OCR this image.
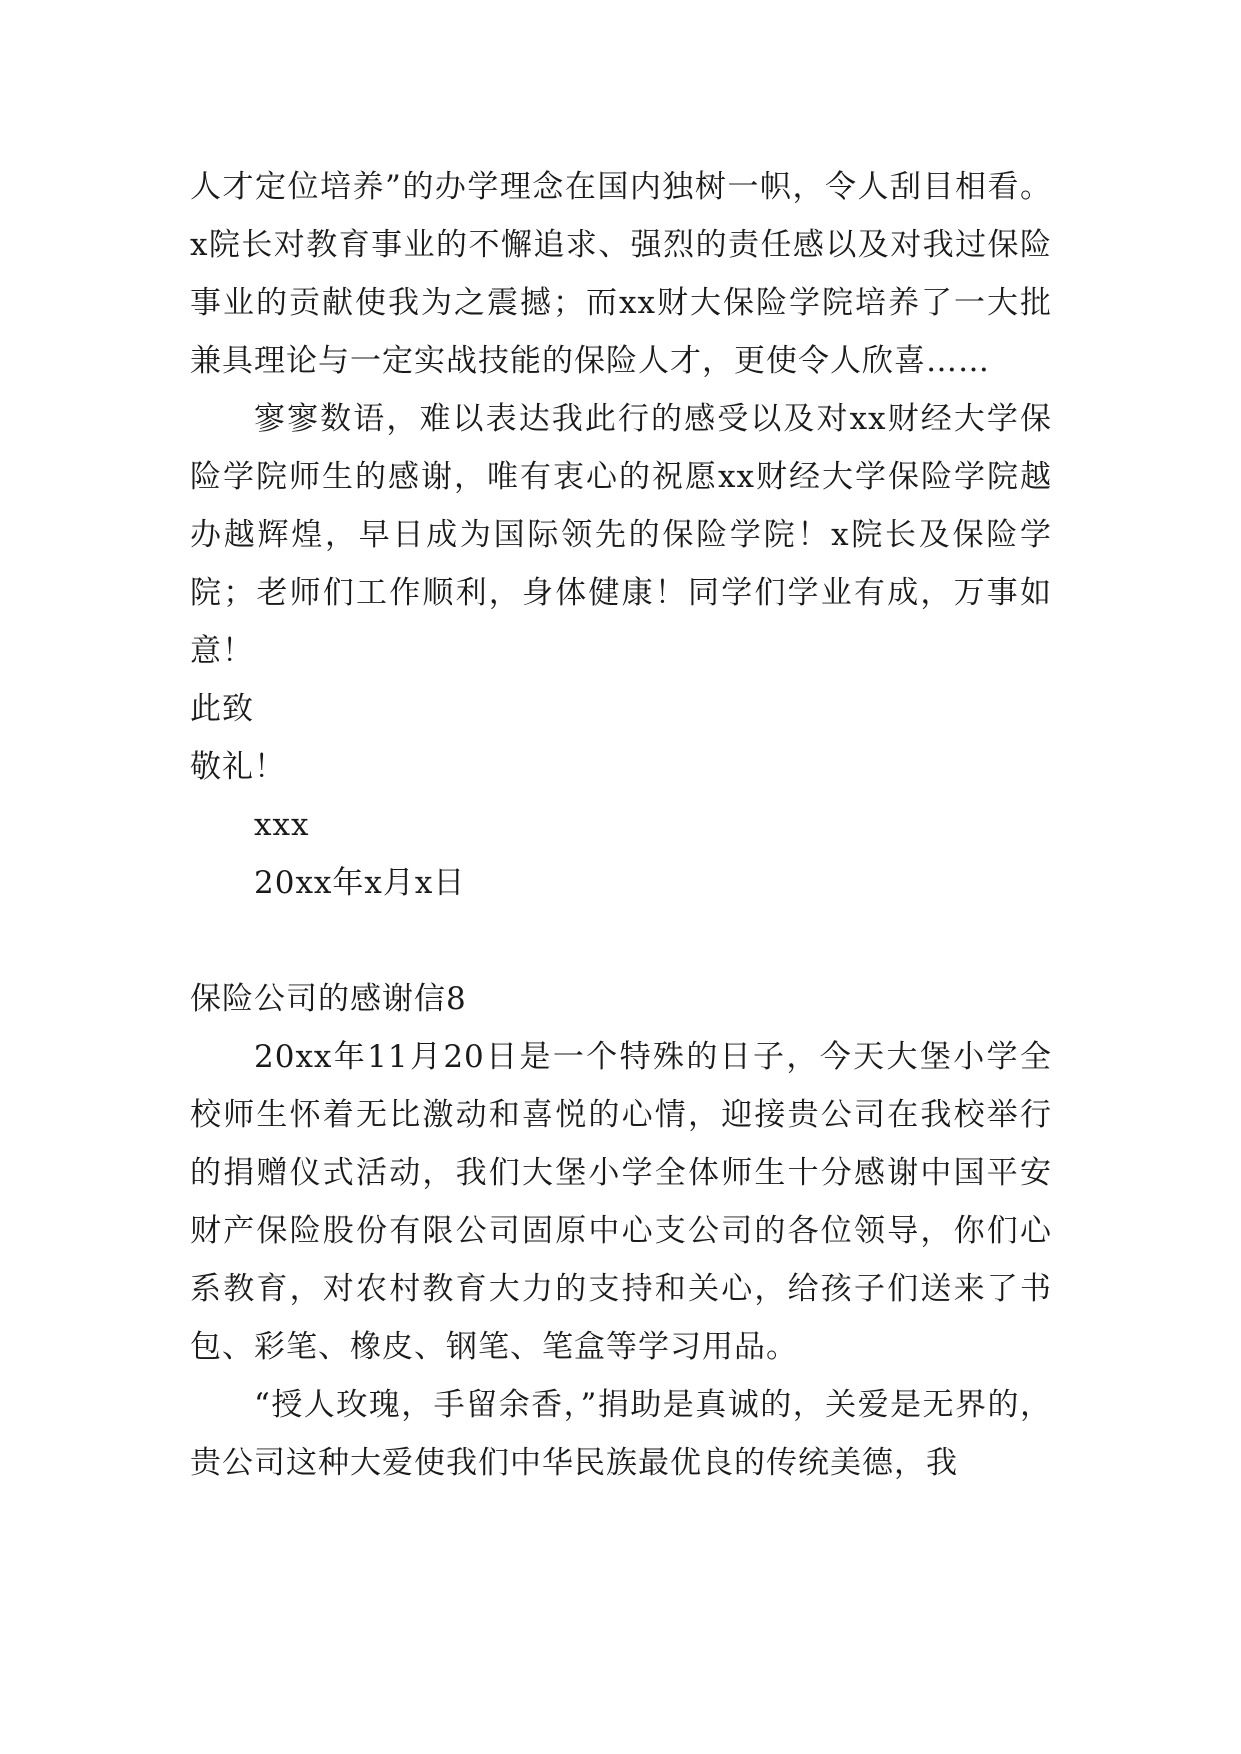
人才定位培养”的办学理念在国内独树一帜，令人刮目相看。x院长对教育事业的不懈追求、强烈的责任感以及对我过保险事业的贡献使我为之震撼；而xx财大保险学院培养了一大批兼具理论与一定实战技能的保险人才，更使令人欣喜……

寥寥数语，难以表达我此行的感受以及对xx财经大学保险学院师生的感谢，唯有衷心的祝愿xx财经大学保险学院越办越辉煌，早日成为国际领先的保险学院！x院长及保险学院；老师们工作顺利，身体健康！同学们学业有成，万事如意！

此致

敬礼！

xxx

20xx年x月x日

保险公司的感谢信8

20xx年11月20日是一个特殊的日子，今天大堡小学全校师生怀着无比激动和喜悦的心情，迎接贵公司在我校举行的捐赠仪式活动，我们大堡小学全体师生十分感谢中国平安财产保险股份有限公司固原中心支公司的各位领导，你们心系教育，对农村教育大力的支持和关心，给孩子们送来了书包、彩笔、橡皮、钢笔、笔盒等学习用品。

“授人玫瑰，手留余香，”捐助是真诚的，关爱是无界的，贵公司这种大爱使我们中华民族最优良的传统美德，我
